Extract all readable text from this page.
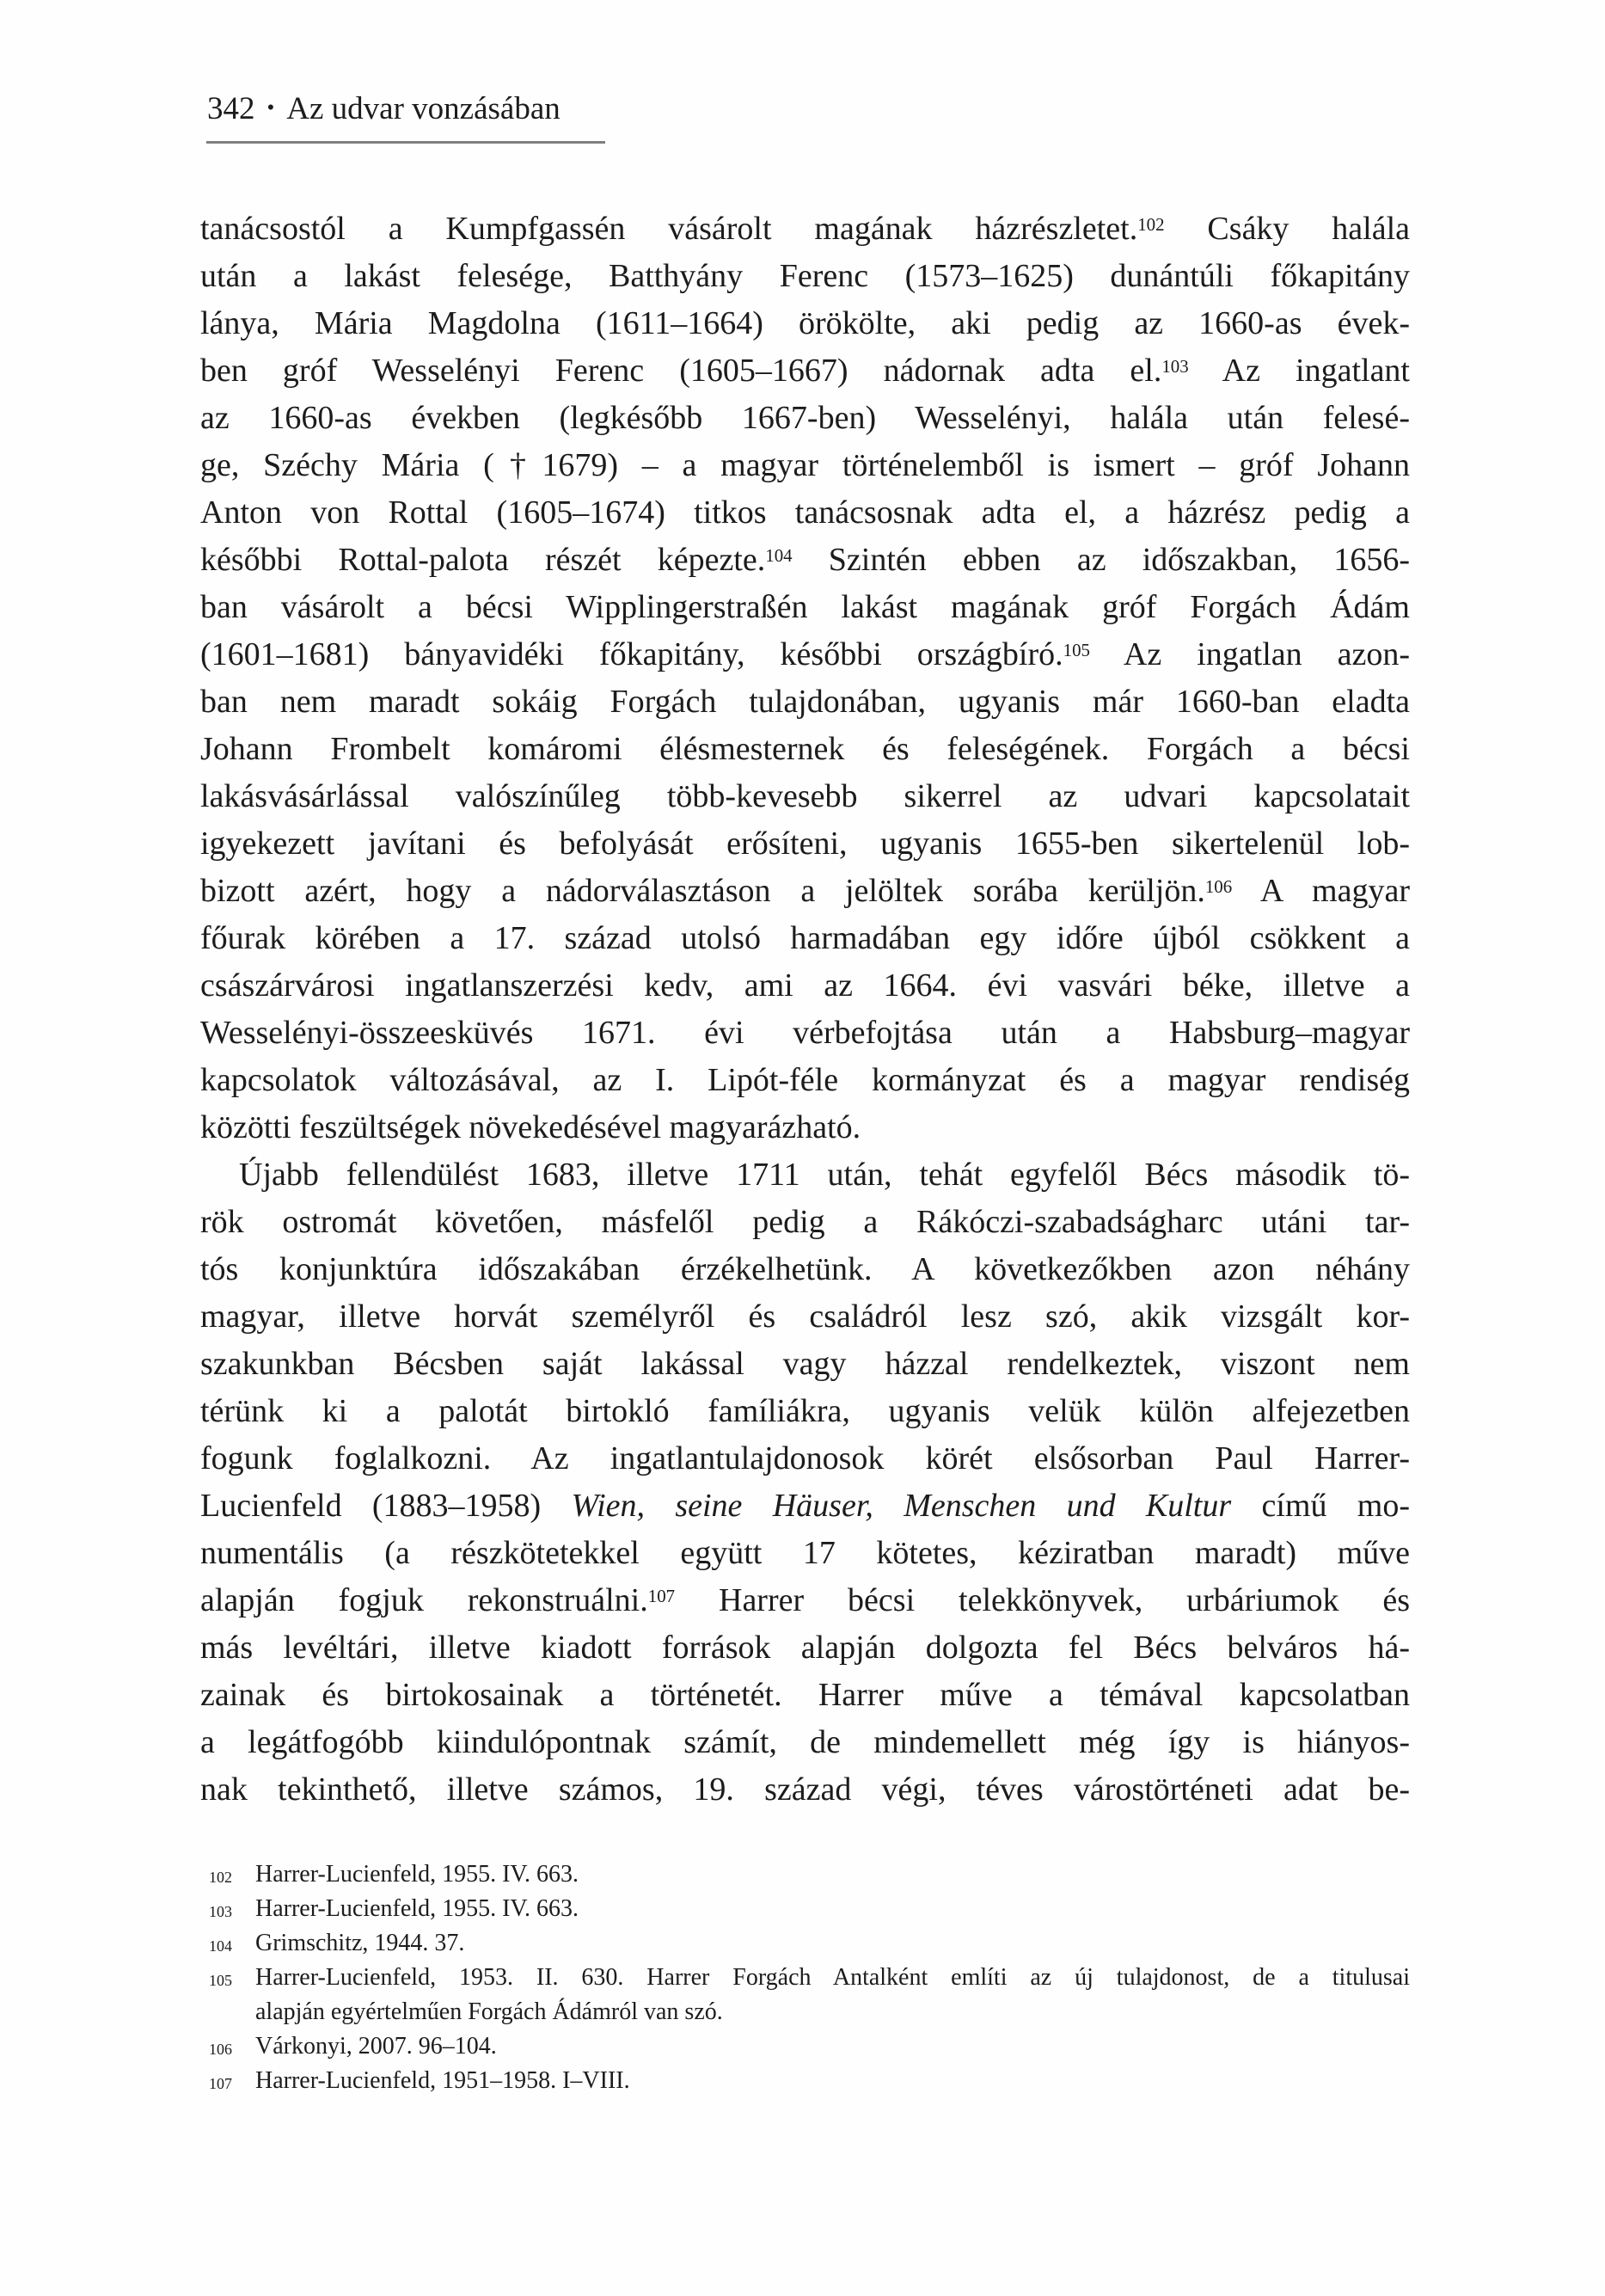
342 • Az udvar vonzásában
tanácsostól a Kumpfgassén vásárolt magának házrészletet.$^{102}$ Csáky halála
után a lakást felesége, Batthyány Ferenc (1573–1625) dunántúli főkapitány
lánya, Mária Magdolna (1611–1664) örökölte, aki pedig az 1660-as évek-
ben gróf Wesselényi Ferenc (1605–1667) nádornak adta el.$^{103}$ Az ingatlant
az 1660-as években (legkésőbb 1667-ben) Wesselényi, halála után felesé-
ge, Széchy Mária (†1679) – a magyar történelemből is ismert – gróf Johann
Anton von Rottal (1605–1674) titkos tanácsosnak adta el, a házrész pedig a
későbbi Rottal-palota részét képezte.$^{104}$ Szintén ebben az időszakban, 1656-
ban vásárolt a bécsi Wipplingerstraßén lakást magának gróf Forgách Ádám
(1601–1681) bányavidéki főkapitány, későbbi országbíró.$^{105}$ Az ingatlan azon-
ban nem maradt sokáig Forgách tulajdonában, ugyanis már 1660-ban eladta
Johann Frombelt komáromi élésmesternek és feleségének. Forgách a bécsi
lakásvásárlással valószínűleg több-kevesebb sikerrel az udvari kapcsolatait
igyekezett javítani és befolyását erősíteni, ugyanis 1655-ben sikertelenül lob-
bizott azért, hogy a nádorválasztáson a jelöltek sorába kerüljön.$^{106}$ A magyar
főurak körében a 17. század utolsó harmadában egy időre újból csökkent a
császárvárosi ingatlanszerzési kedv, ami az 1664. évi vasvári béke, illetve a
Wesselényi-összeesküvés 1671. évi vérbefojtása után a Habsburg–magyar
kapcsolatok változásával, az I. Lipót-féle kormányzat és a magyar rendiség
közötti feszültségek növekedésével magyarázható.
Újabb fellendülést 1683, illetve 1711 után, tehát egyfelől Bécs második tö-
rök ostromát követően, másfelől pedig a Rákóczi-szabadságharc utáni tar-
tós konjunktúra időszakában érzékelhetünk. A következőkben azon néhány
magyar, illetve horvát személyről és családról lesz szó, akik vizsgált kor-
szakunkban Bécsben saját lakással vagy házzal rendelkeztek, viszont nem
térünk ki a palotát birtokló famíliákra, ugyanis velük külön alfejezetben
fogunk foglalkozni. Az ingatlantulajdonosok körét elsősorban Paul Harrer-
Lucienfeld (1883–1958) Wien, seine Häuser, Menschen und Kultur című mo-
numentális (a részkötetekkel együtt 17 kötetes, kéziratban maradt) műve
alapján fogjuk rekonstruálni.$^{107}$ Harrer bécsi telekkönyvek, urbáriumok és
más levéltári, illetve kiadott források alapján dolgozta fel Bécs belváros há-
zainak és birtokosainak a történetét. Harrer műve a témával kapcsolatban
a legátfogóbb kiindulópontnak számít, de mindemellett még így is hiányos-
nak tekinthető, illetve számos, 19. század végi, téves várostörténeti adat be-
102 Harrer-Lucienfeld, 1955. IV. 663.
103 Harrer-Lucienfeld, 1955. IV. 663.
104 Grimschitz, 1944. 37.
105 Harrer-Lucienfeld, 1953. II. 630. Harrer Forgách Antalként említi az új tulajdonost, de a titulusai
alapján egyértelműen Forgách Ádámról van szó.
106 Várkonyi, 2007. 96–104.
107 Harrer-Lucienfeld, 1951–1958. I–VIII.
